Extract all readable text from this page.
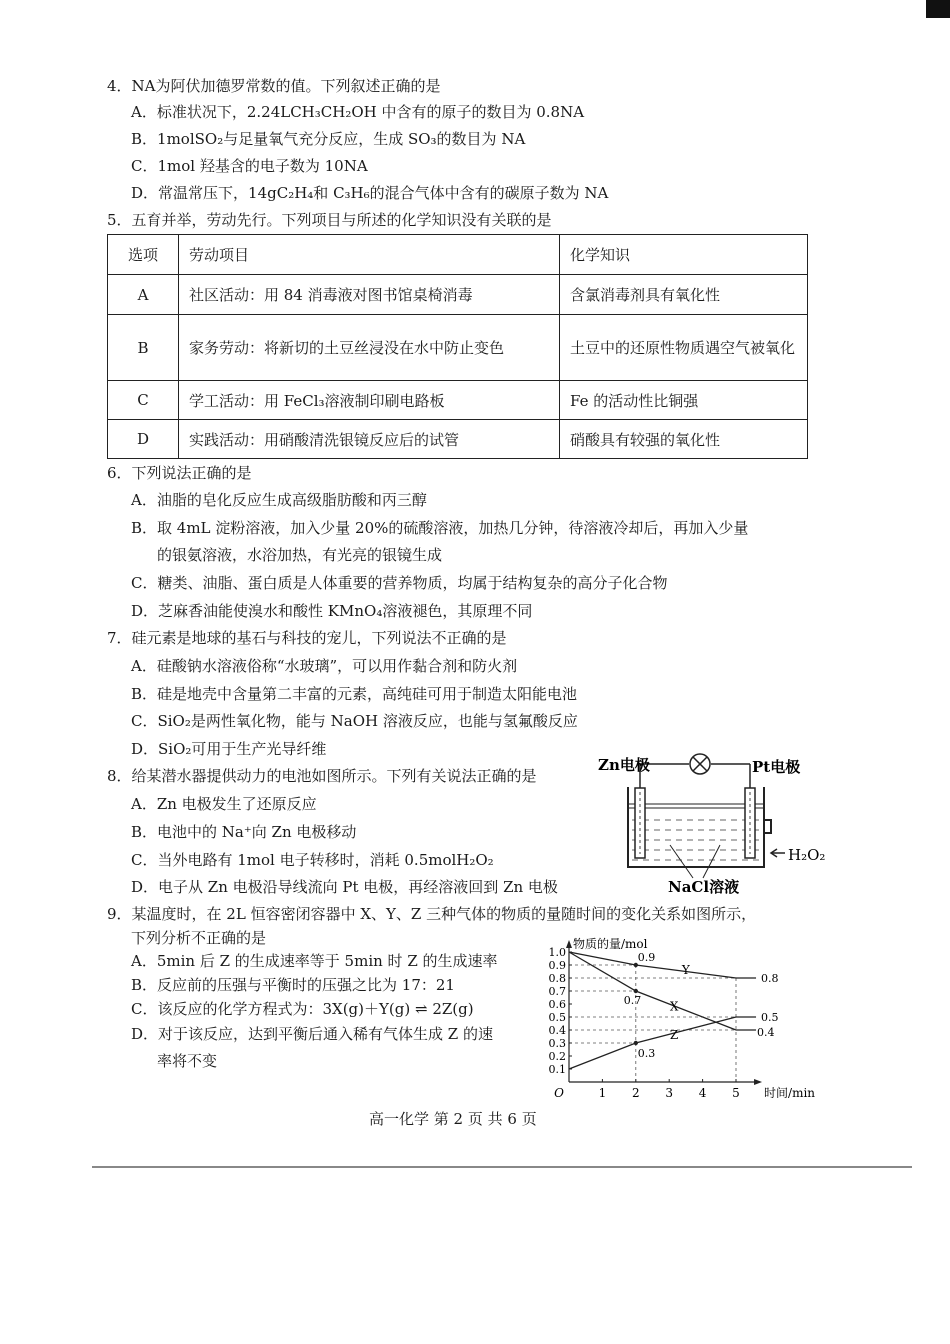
4．NA为阿伏加德罗常数的值。下列叙述正确的是
A．标准状况下，2.24LCH₃CH₂OH 中含有的原子的数目为 0.8NA
B．1molSO₂与足量氧气充分反应，生成 SO₃的数目为 NA
C．1mol 羟基含的电子数为 10NA
D．常温常压下，14gC₂H₄和 C₃H₆的混合气体中含有的碳原子数为 NA
5．五育并举，劳动先行。下列项目与所述的化学知识没有关联的是
选项	劳动项目	化学知识
A	社区活动：用 84 消毒液对图书馆桌椅消毒	含氯消毒剂具有氧化性
B	家务劳动：将新切的土豆丝浸没在水中防止变色	土豆中的还原性物质遇空气被氧化
C	学工活动：用 FeCl₃溶液制印刷电路板	Fe 的活动性比铜强
D	实践活动：用硝酸清洗银镜反应后的试管	硝酸具有较强的氧化性
6．下列说法正确的是
A．油脂的皂化反应生成高级脂肪酸和丙三醇
B．取 4mL 淀粉溶液，加入少量 20%的硫酸溶液，加热几分钟，待溶液冷却后，再加入少量
的银氨溶液，水浴加热，有光亮的银镜生成
C．糖类、油脂、蛋白质是人体重要的营养物质，均属于结构复杂的高分子化合物
D．芝麻香油能使溴水和酸性 KMnO₄溶液褪色，其原理不同
7．硅元素是地球的基石与科技的宠儿，下列说法不正确的是
A．硅酸钠水溶液俗称“水玻璃”，可以用作黏合剂和防火剂
B．硅是地壳中含量第二丰富的元素，高纯硅可用于制造太阳能电池
C．SiO₂是两性氧化物，能与 NaOH 溶液反应，也能与氢氟酸反应
D．SiO₂可用于生产光导纤维
8．给某潜水器提供动力的电池如图所示。下列有关说法正确的是
A．Zn 电极发生了还原反应
B．电池中的 Na⁺向 Zn 电极移动
C．当外电路有 1mol 电子转移时，消耗 0.5molH₂O₂
D．电子从 Zn 电极沿导线流向 Pt 电极，再经溶液回到 Zn 电极
Zn电极	Pt电极
H₂O₂
NaCl溶液
9．某温度时，在 2L 恒容密闭容器中 X、Y、Z 三种气体的物质的量随时间的变化关系如图所示，
下列分析不正确的是
A．5min 后 Z 的生成速率等于 5min 时 Z 的生成速率
B．反应前的压强与平衡时的压强之比为 17：21
C．该反应的化学方程式为：3X(g)＋Y(g) ⇌ 2Z(g)
D．对于该反应，达到平衡后通入稀有气体生成 Z 的速
率将不变
1.0
0.9
0.8
0.7
0.6
0.5
0.4
0.3
0.2
0.1
O	1 2 3 4 5
Y
X
Z
0.9
0.7
0.3
0.8
0.5
0.4
物质的量/mol
时间/min
高一化学 第 2 页 共 6 页
